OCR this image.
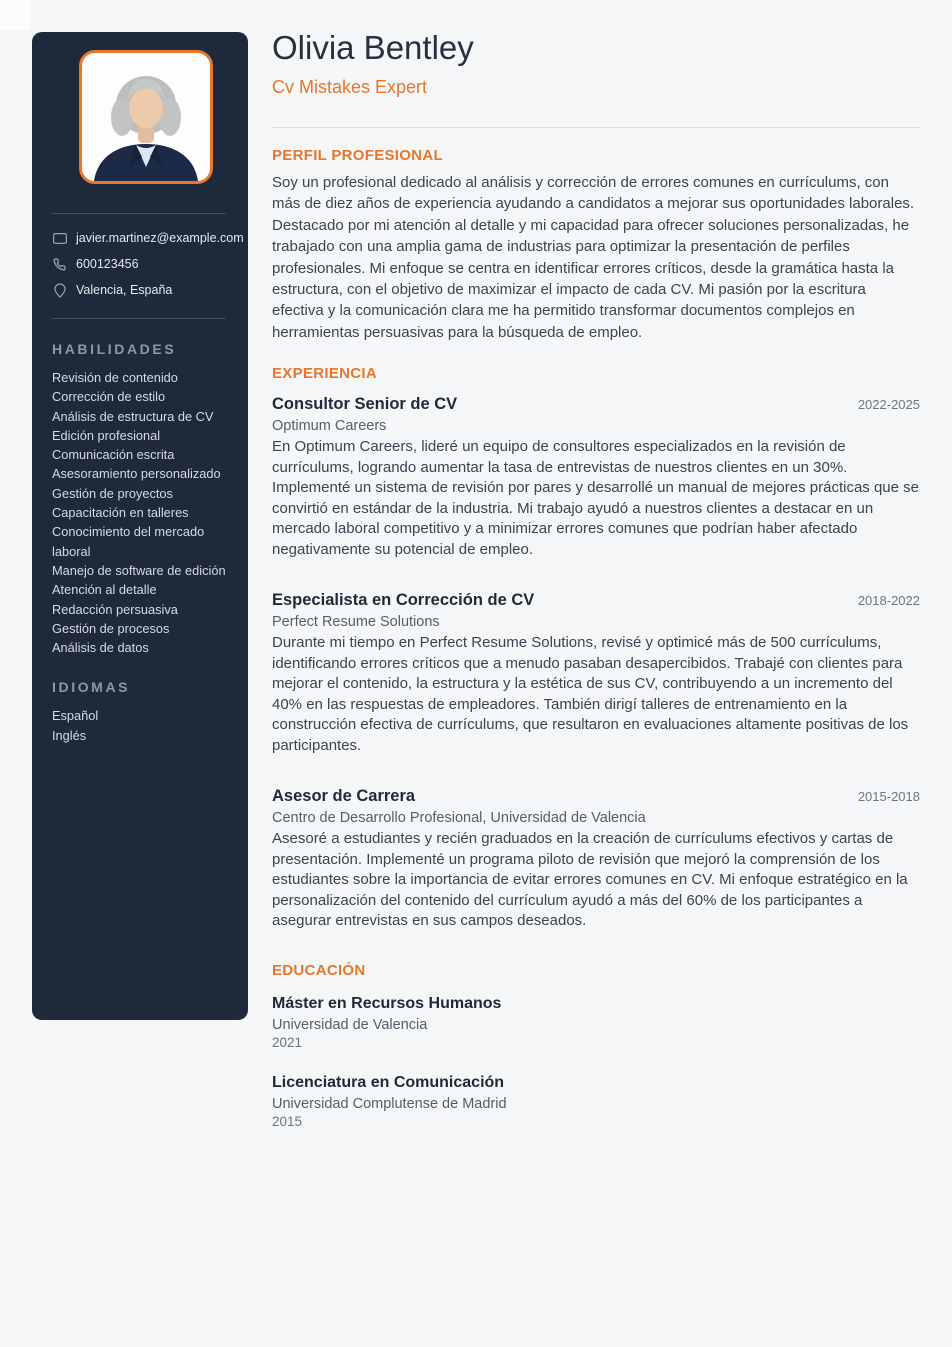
javier.martinez@example.com
600123456
Valencia, España
HABILIDADES
Revisión de contenido
Corrección de estilo
Análisis de estructura de CV
Edición profesional
Comunicación escrita
Asesoramiento personalizado
Gestión de proyectos
Capacitación en talleres
Conocimiento del mercado laboral
Manejo de software de edición
Atención al detalle
Redacción persuasiva
Gestión de procesos
Análisis de datos
IDIOMAS
Español
Inglés
Olivia Bentley
Cv Mistakes Expert
PERFIL PROFESIONAL

Soy un profesional dedicado al análisis y corrección de errores comunes en currículums, con más de diez años de experiencia ayudando a candidatos a mejorar sus oportunidades laborales. Destacado por mi atención al detalle y mi capacidad para ofrecer soluciones personalizadas, he trabajado con una amplia gama de industrias para optimizar la presentación de perfiles profesionales. Mi enfoque se centra en identificar errores críticos, desde la gramática hasta la estructura, con el objetivo de maximizar el impacto de cada CV. Mi pasión por la escritura efectiva y la comunicación clara me ha permitido transformar documentos complejos en herramientas persuasivas para la búsqueda de empleo.

EXPERIENCIA
Consultor Senior de CV	2022-2025
Optimum Careers
En Optimum Careers, lideré un equipo de consultores especializados en la revisión de currículums, logrando aumentar la tasa de entrevistas de nuestros clientes en un 30%. Implementé un sistema de revisión por pares y desarrollé un manual de mejores prácticas que se convirtió en estándar de la industria. Mi trabajo ayudó a nuestros clientes a destacar en un mercado laboral competitivo y a minimizar errores comunes que podrían haber afectado negativamente su potencial de empleo.
Especialista en Corrección de CV	2018-2022
Perfect Resume Solutions
Durante mi tiempo en Perfect Resume Solutions, revisé y optimicé más de 500 currículums, identificando errores críticos que a menudo pasaban desapercibidos. Trabajé con clientes para mejorar el contenido, la estructura y la estética de sus CV, contribuyendo a un incremento del 40% en las respuestas de empleadores. También dirigí talleres de entrenamiento en la construcción efectiva de currículums, que resultaron en evaluaciones altamente positivas de los participantes.
Asesor de Carrera	2015-2018
Centro de Desarrollo Profesional, Universidad de Valencia
Asesoré a estudiantes y recién graduados en la creación de currículums efectivos y cartas de presentación. Implementé un programa piloto de revisión que mejoró la comprensión de los estudiantes sobre la importancia de evitar errores comunes en CV. Mi enfoque estratégico en la personalización del contenido del currículum ayudó a más del 60% de los participantes a asegurar entrevistas en sus campos deseados.
EDUCACIÓN
Máster en Recursos Humanos
Universidad de Valencia
2021
Licenciatura en Comunicación
Universidad Complutense de Madrid
2015
